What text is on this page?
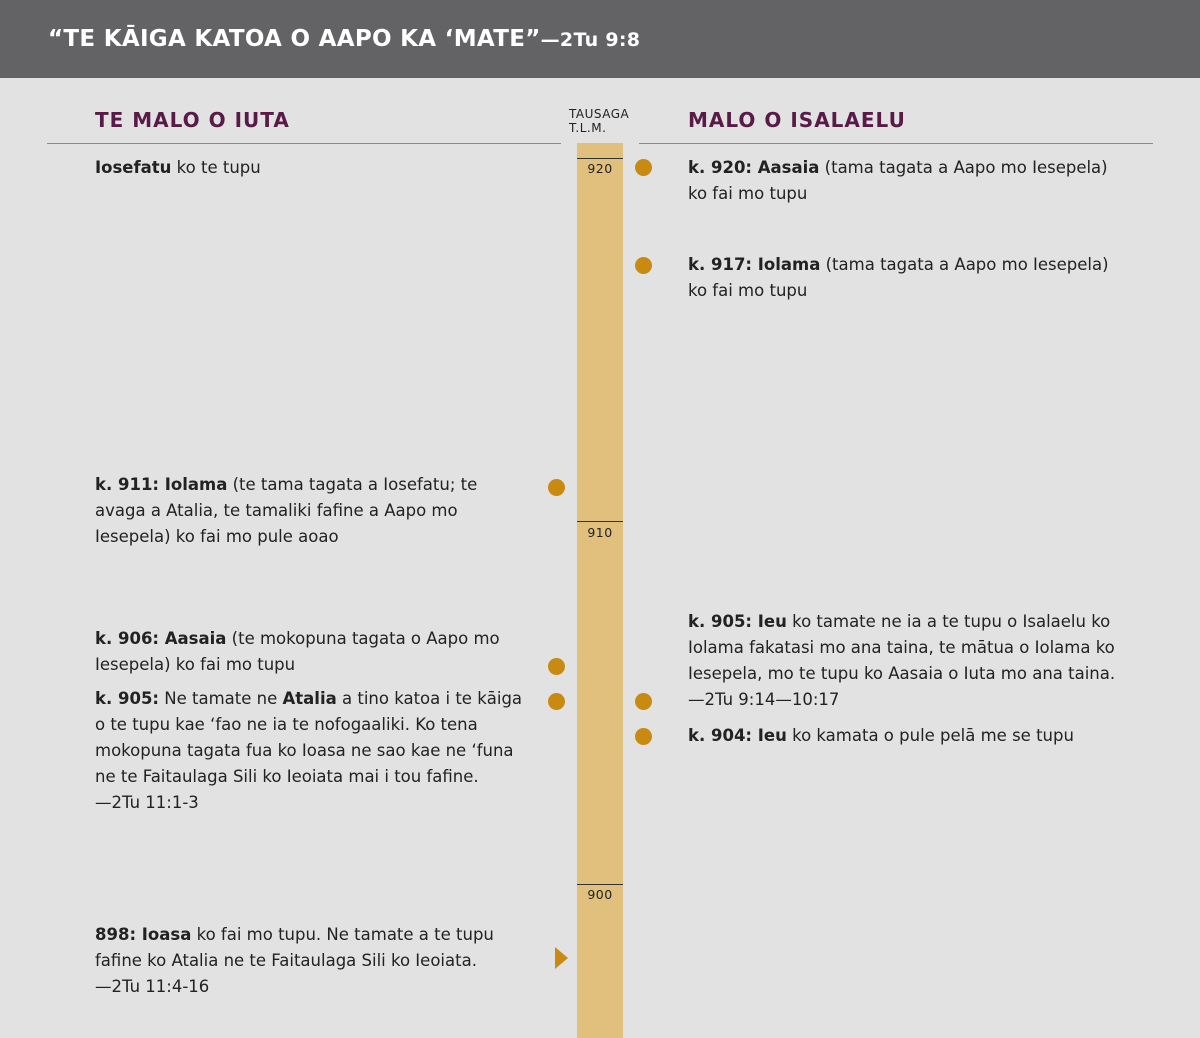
“TE KĀIGA KATOA O AAPO KA ‘MATE”—2Tu 9:8
TE MALO O IUTA	MALO O ISALAELU
TAUSAGA
T.L.M.
920
910
900
Iosefatu ko te tupu
k. 911: Iolama (te tama tagata a Iosefatu; te avaga a Atalia, te tamaliki fafine a Aapo mo Iesepela) ko fai mo pule aoao
k. 906: Aasaia (te mokopuna tagata o Aapo mo Iesepela) ko fai mo tupu
k. 905: Ne tamate ne Atalia a tino katoa i te kāiga o te tupu kae ‘fao ne ia te nofogaaliki. Ko tena mokopuna tagata fua ko Ioasa ne sao kae ne ‘funa ne te Faitaulaga Sili ko Ieoiata mai i tou fafine.
—2Tu 11:1-3
898: Ioasa ko fai mo tupu. Ne tamate a te tupu fafine ko Atalia ne te Faitaulaga Sili ko Ieoiata.
—2Tu 11:4-16
k. 920: Aasaia (tama tagata a Aapo mo Iesepela) ko fai mo tupu
k. 917: Iolama (tama tagata a Aapo mo Iesepela) ko fai mo tupu
k. 905: Ieu ko tamate ne ia a te tupu o Isalaelu ko Iolama fakatasi mo ana taina, te mātua o Iolama ko Iesepela, mo te tupu ko Aasaia o Iuta mo ana taina.
—2Tu 9:14—10:17
k. 904: Ieu ko kamata o pule pelā me se tupu
